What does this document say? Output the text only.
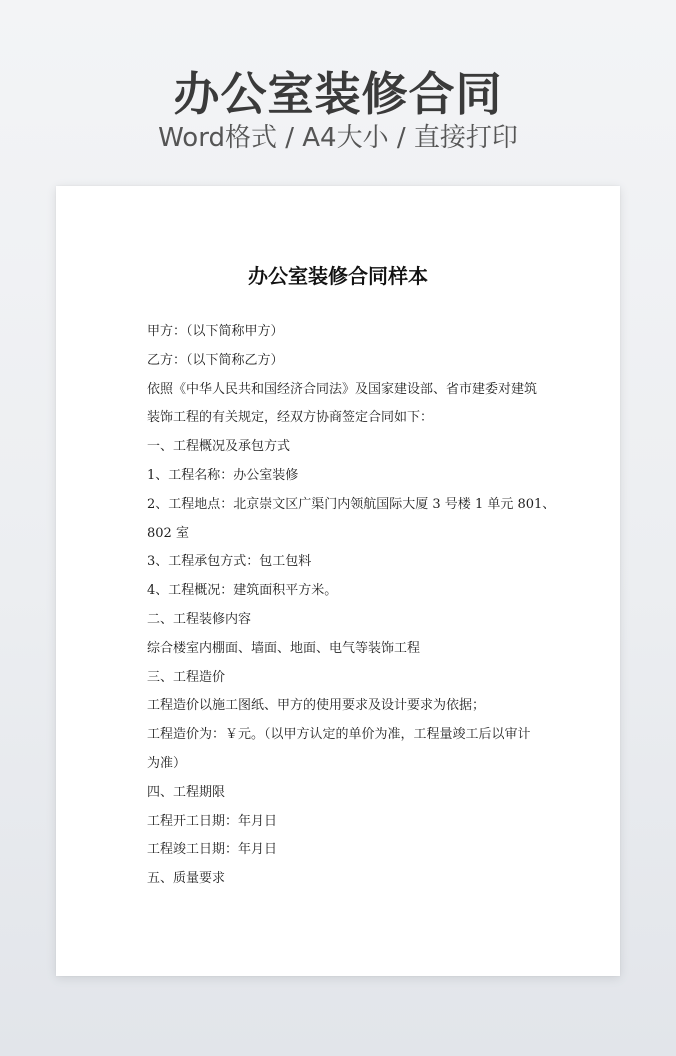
办公室装修合同
Word格式 / A4大小 / 直接打印
办公室装修合同样本
甲方：（以下简称甲方）
乙方：（以下简称乙方）
依照《中华人民共和国经济合同法》及国家建设部、省市建委对建筑
装饰工程的有关规定，经双方协商签定合同如下：
一、工程概况及承包方式
1、工程名称：办公室装修
2、工程地点：北京崇文区广渠门内领航国际大厦 3 号楼 1 单元 801、
802 室
3、工程承包方式：包工包料
4、工程概况：建筑面积平方米。
二、工程装修内容
综合楼室内棚面、墙面、地面、电气等装饰工程
三、工程造价
工程造价以施工图纸、甲方的使用要求及设计要求为依据；
工程造价为：￥元。（以甲方认定的单价为准，工程量竣工后以审计
为准）
四、工程期限
工程开工日期：年月日
工程竣工日期：年月日
五、质量要求
